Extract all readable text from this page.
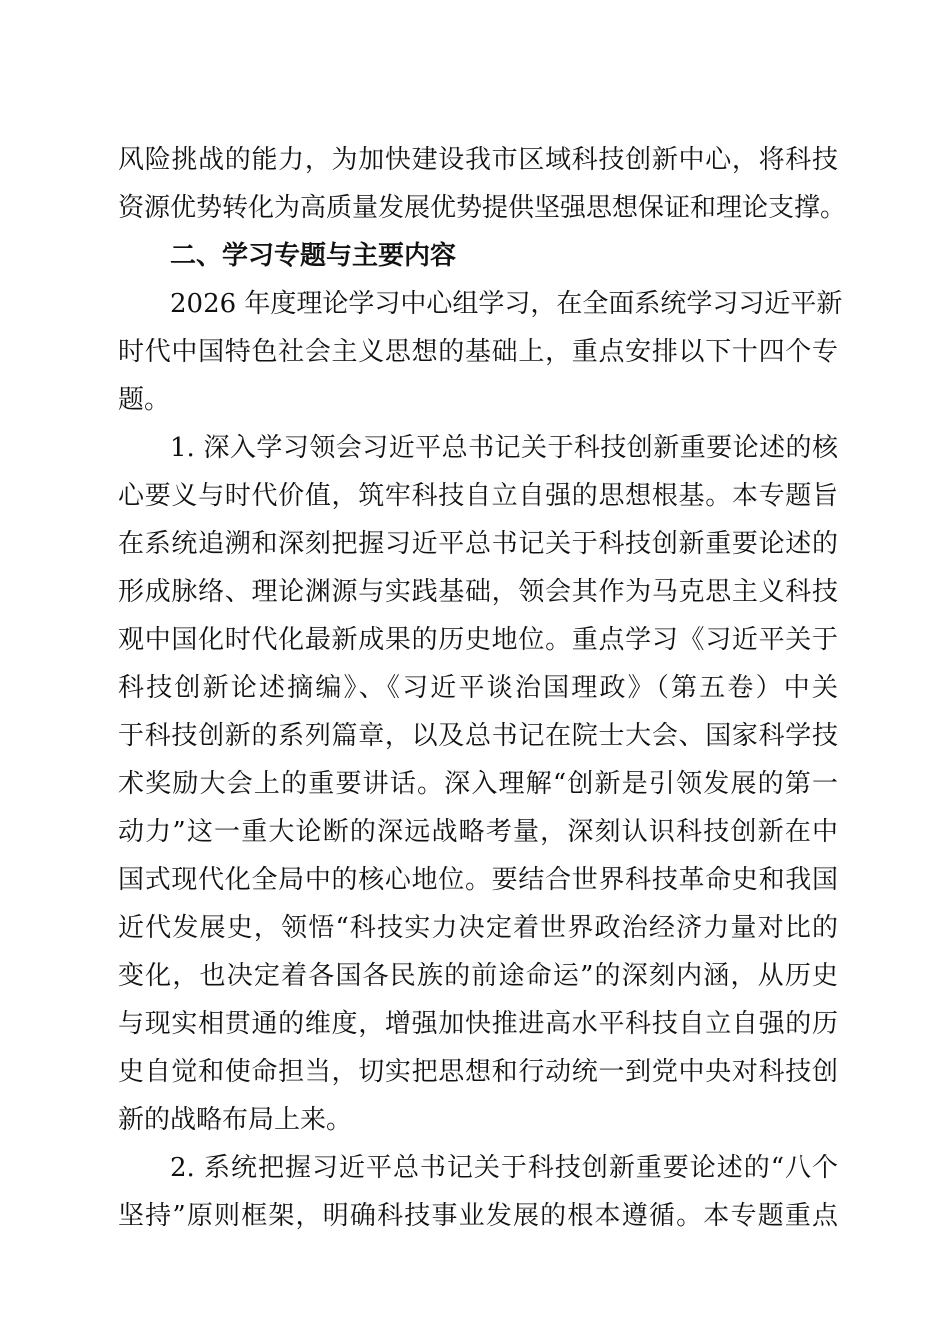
风险挑战的能力，为加快建设我市区域科技创新中心，将科技
资源优势转化为高质量发展优势提供坚强思想保证和理论支撑。
二、学习专题与主要内容
2026 年度理论学习中心组学习，在全面系统学习习近平新
时代中国特色社会主义思想的基础上，重点安排以下十四个专
题。
1. 深入学习领会习近平总书记关于科技创新重要论述的核
心要义与时代价值，筑牢科技自立自强的思想根基。本专题旨
在系统追溯和深刻把握习近平总书记关于科技创新重要论述的
形成脉络、理论渊源与实践基础，领会其作为马克思主义科技
观中国化时代化最新成果的历史地位。重点学习《习近平关于
科技创新论述摘编》、《习近平谈治国理政》（第五卷）中关
于科技创新的系列篇章，以及总书记在院士大会、国家科学技
术奖励大会上的重要讲话。深入理解“创新是引领发展的第一
动力”这一重大论断的深远战略考量，深刻认识科技创新在中
国式现代化全局中的核心地位。要结合世界科技革命史和我国
近代发展史，领悟“科技实力决定着世界政治经济力量对比的
变化，也决定着各国各民族的前途命运”的深刻内涵，从历史
与现实相贯通的维度，增强加快推进高水平科技自立自强的历
史自觉和使命担当，切实把思想和行动统一到党中央对科技创
新的战略布局上来。
2. 系统把握习近平总书记关于科技创新重要论述的“八个
坚持”原则框架，明确科技事业发展的根本遵循。本专题重点
